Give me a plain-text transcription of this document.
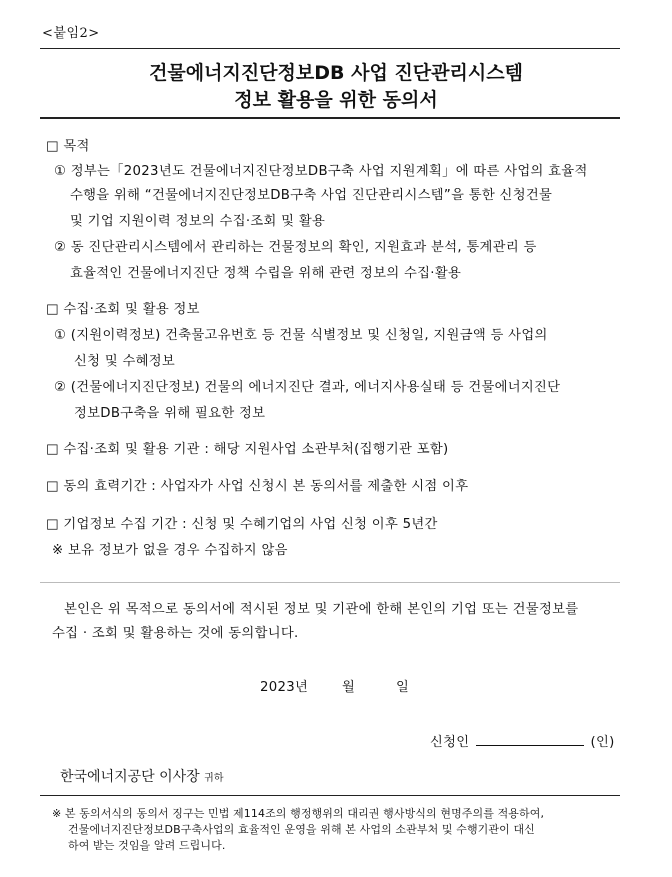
<붙임2>
건물에너지진단정보DB 사업 진단관리시스템
정보 활용을 위한 동의서
□ 목적
① 정부는「2023년도 건물에너지진단정보DB구축 사업 지원계획」에 따른 사업의 효율적
수행을 위해 “건물에너지진단정보DB구축 사업 진단관리시스템”을 통한 신청건물
및 기업 지원이력 정보의 수집·조회 및 활용
② 동 진단관리시스템에서 관리하는 건물정보의 확인, 지원효과 분석, 통계관리 등
효율적인 건물에너지진단 정책 수립을 위해 관련 정보의 수집·활용
□ 수집·조회 및 활용 정보
① (지원이력정보) 건축물고유번호 등 건물 식별정보 및 신청일, 지원금액 등 사업의
신청 및 수혜정보
② (건물에너지진단정보) 건물의 에너지진단 결과, 에너지사용실태 등 건물에너지진단
정보DB구축을 위해 필요한 정보
□ 수집·조회 및 활용 기관 : 해당 지원사업 소관부처(집행기관 포함)
□ 동의 효력기간 : 사업자가 사업 신청시 본 동의서를 제출한 시점 이후
□ 기업정보 수집 기간 : 신청 및 수혜기업의 사업 신청 이후 5년간
※ 보유 정보가 없을 경우 수집하지 않음
본인은 위 목적으로 동의서에 적시된 정보 및 기관에 한해 본인의 기업 또는 건물정보를
수집 · 조회 및 활용하는 것에 동의합니다.
2023년	월	일
신청인	(인)
한국에너지공단 이사장 귀하
※ 본 동의서식의 동의서 징구는 민법 제114조의 행정행위의 대리권 행사방식의 현명주의를 적용하여,
건물에너지진단정보DB구축사업의 효율적인 운영을 위해 본 사업의 소관부처 및 수행기관이 대신
하여 받는 것임을 알려 드립니다.
